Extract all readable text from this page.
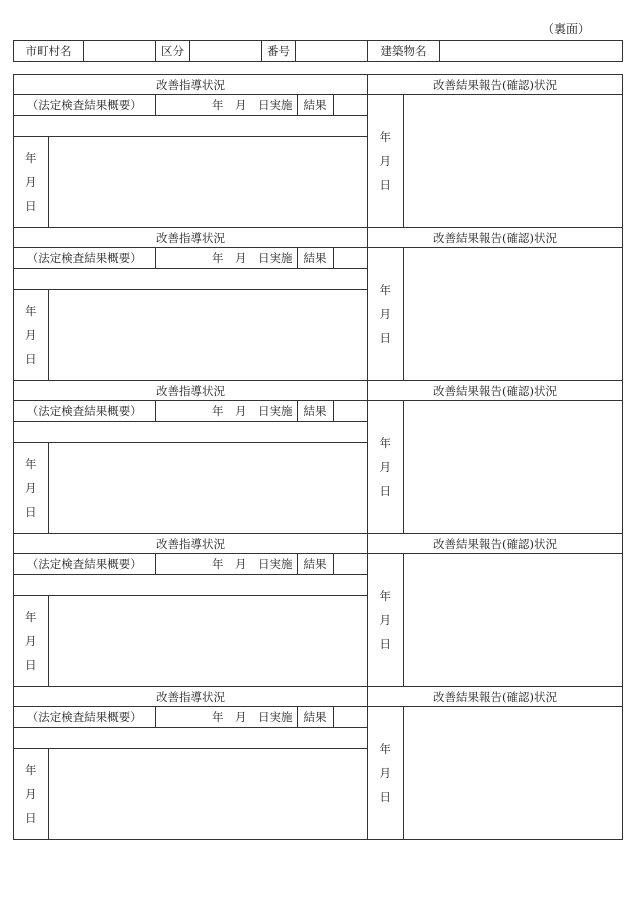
（裏面）
市町村名		区分		番号		建築物名	
改善指導状況	改善結果報告(確認)状況

（法定検査結果概要）	年　月　日実施	結果	

年
月
日

年
月
日

改善指導状況	改善結果報告(確認)状況

（法定検査結果概要）	年　月　日実施	結果	

年
月
日

年
月
日

改善指導状況	改善結果報告(確認)状況

（法定検査結果概要）	年　月　日実施	結果	

年
月
日

年
月
日

改善指導状況	改善結果報告(確認)状況

（法定検査結果概要）	年　月　日実施	結果	

年
月
日

年
月
日

改善指導状況	改善結果報告(確認)状況

（法定検査結果概要）	年　月　日実施	結果	

年
月
日

年
月
日
